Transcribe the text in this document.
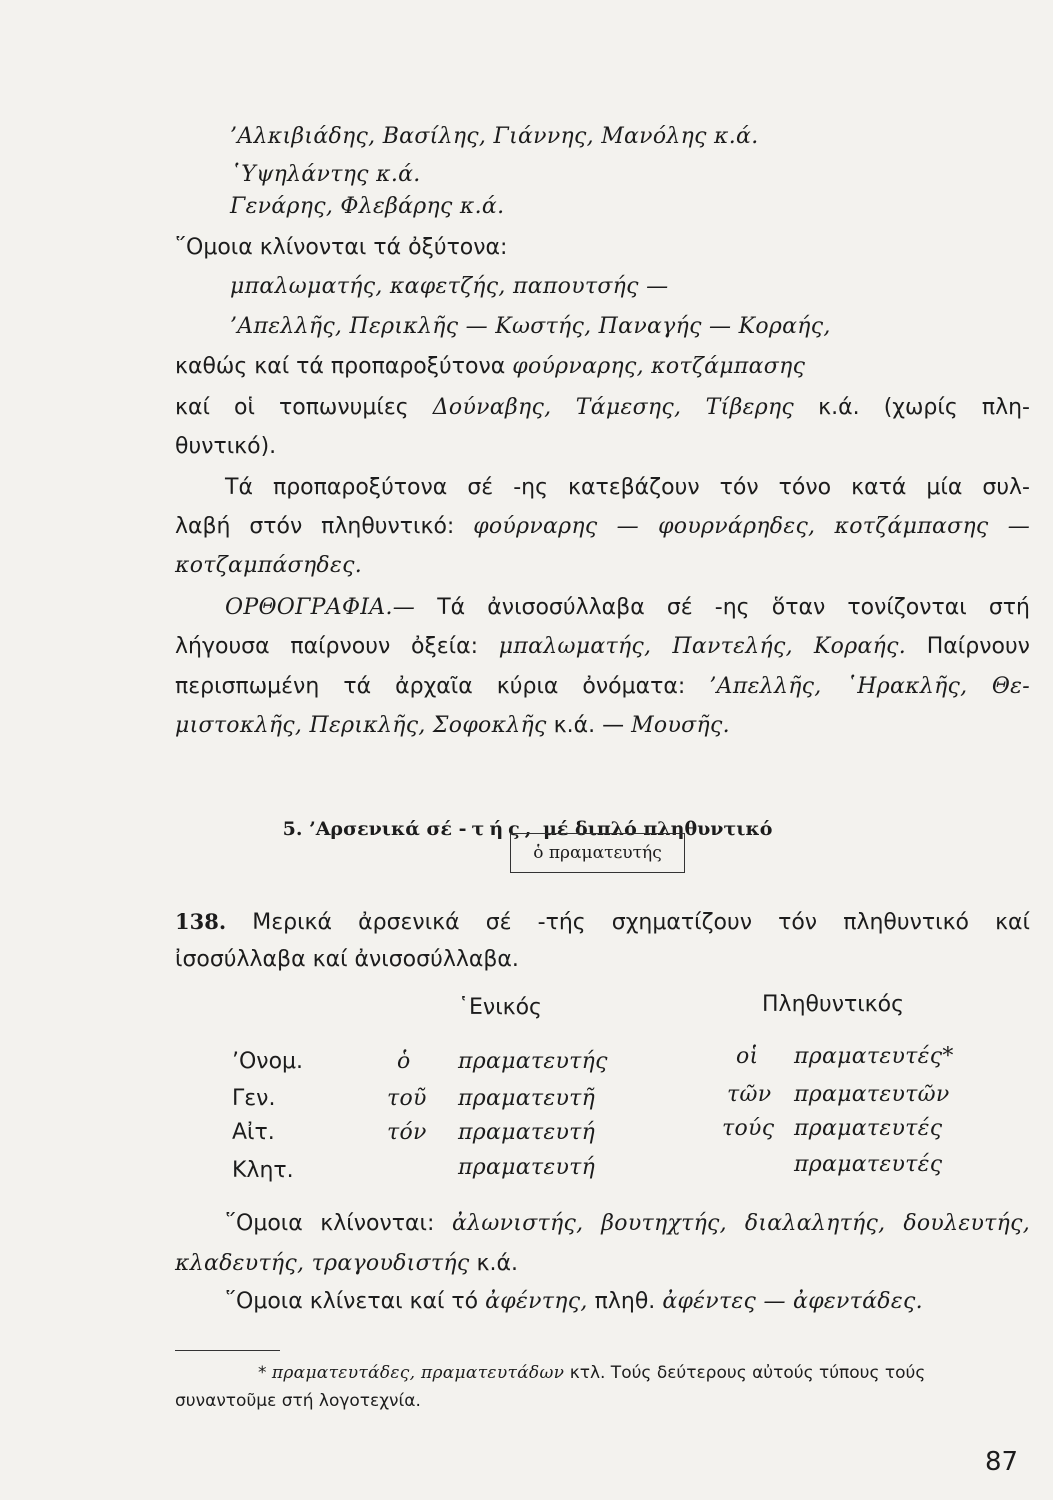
’Αλκιβιάδης, Βασίλης, Γιάννης, Μανόλης κ.ά.
῾Υψηλάντης κ.ά.
Γενάρης, Φλεβάρης κ.ά.
῞Ομοια κλίνονται τά ὀξύτονα:
μπαλωματής, καφετζής, παπουτσής —
’Απελλῆς, Περικλῆς — Κωστής, Παναγής — Κοραής,
καθώς καί τά προπαροξύτονα φούρναρης, κοτζάμπασης
καί οἱ τοπωνυμίες Δούναβης, Τάμεσης, Τίβερης κ.ά. (χωρίς πλη-
θυντικό).
Τά προπαροξύτονα σέ -ης κατεβάζουν τόν τόνο κατά μία συλ-
λαβή στόν πληθυντικό: φούρναρης — φουρνάρηδες, κοτζάμπασης —
κοτζαμπάσηδες.
ΟΡΘΟΓΡΑΦΙΑ.— Τά ἀνισοσύλλαβα σέ -ης ὅταν τονίζονται στή
λήγουσα παίρνουν ὀξεία: μπαλωματής, Παντελής, Κοραής. Παίρνουν
περισπωμένη τά ἀρχαῖα κύρια ὀνόματα: ’Απελλῆς, ῾Ηρακλῆς, Θε-
μιστοκλῆς, Περικλῆς, Σοφοκλῆς κ.ά. — Μουσῆς.
5. ’Αρσενικά σέ -τής, μέ διπλό πληθυντικό
ὁ πραματευτής
138. Μερικά ἀρσενικά σέ -τής σχηματίζουν τόν πληθυντικό καί
ἰσοσύλλαβα καί ἀνισοσύλλαβα.
῾Ενικός	Πληθυντικός
’Ονομ.	ὁ πραματευτής	οἱ πραματευτές*
Γεν.	τοῦ πραματευτῆ	τῶν πραματευτῶν
Αἰτ.	τόν πραματευτή	τούς πραματευτές
Κλητ.	πραματευτή	πραματευτές
῞Ομοια κλίνονται: ἀλωνιστής, βουτηχτής, διαλαλητής, δουλευτής,
κλαδευτής, τραγουδιστής κ.ά.
῞Ομοια κλίνεται καί τό ἀφέντης, πληθ. ἀφέντες — ἀφεντάδες.
* πραματευτάδες, πραματευτάδων κτλ. Τούς δεύτερους αὐτούς τύπους τούς
συναντοῦμε στή λογοτεχνία.
87
